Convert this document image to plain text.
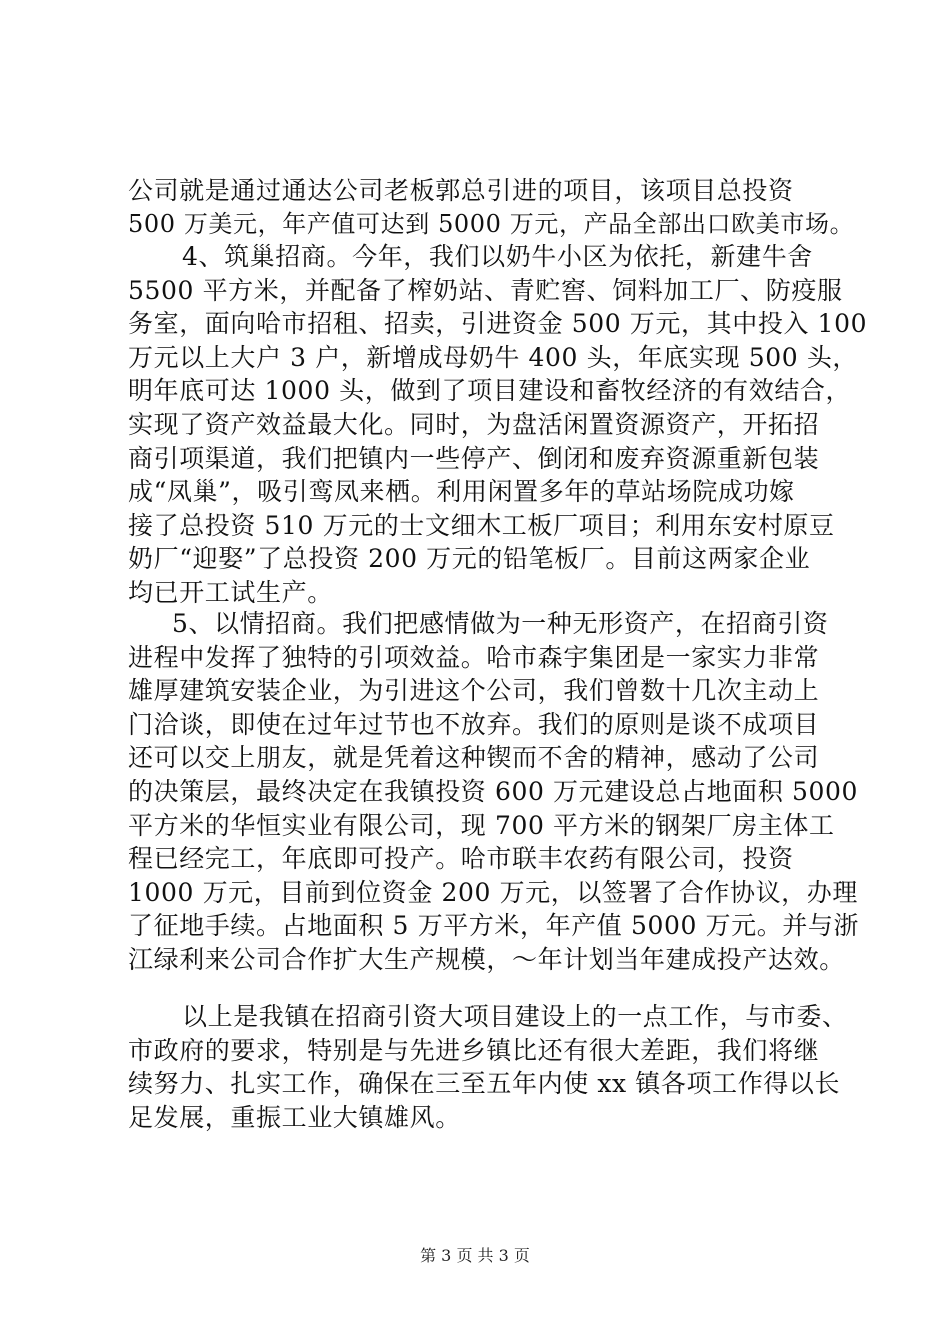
公司就是通过通达公司老板郭总引进的项目，该项目总投资
500 万美元，年产值可达到 5000 万元，产品全部出口欧美市场。
4、筑巢招商。今年，我们以奶牛小区为依托，新建牛舍
5500 平方米，并配备了榨奶站、青贮窖、饲料加工厂、防疫服
务室，面向哈市招租、招卖，引进资金 500 万元，其中投入 100
万元以上大户 3 户，新增成母奶牛 400 头，年底实现 500 头，
明年底可达 1000 头，做到了项目建设和畜牧经济的有效结合，
实现了资产效益最大化。同时，为盘活闲置资源资产，开拓招
商引项渠道，我们把镇内一些停产、倒闭和废弃资源重新包装
成“凤巢”，吸引鸾凤来栖。利用闲置多年的草站场院成功嫁
接了总投资 510 万元的士文细木工板厂项目；利用东安村原豆
奶厂“迎娶”了总投资 200 万元的铅笔板厂。目前这两家企业
均已开工试生产。
5、以情招商。我们把感情做为一种无形资产，在招商引资
进程中发挥了独特的引项效益。哈市森宇集团是一家实力非常
雄厚建筑安装企业，为引进这个公司，我们曾数十几次主动上
门洽谈，即使在过年过节也不放弃。我们的原则是谈不成项目
还可以交上朋友，就是凭着这种锲而不舍的精神，感动了公司
的决策层，最终决定在我镇投资 600 万元建设总占地面积 5000
平方米的华恒实业有限公司，现 700 平方米的钢架厂房主体工
程已经完工，年底即可投产。哈市联丰农药有限公司，投资
1000 万元，目前到位资金 200 万元，以签署了合作协议，办理
了征地手续。占地面积 5 万平方米，年产值 5000 万元。并与浙
江绿利来公司合作扩大生产规模，～年计划当年建成投产达效。
以上是我镇在招商引资大项目建设上的一点工作，与市委、
市政府的要求，特别是与先进乡镇比还有很大差距，我们将继
续努力、扎实工作，确保在三至五年内使 xx 镇各项工作得以长
足发展，重振工业大镇雄风。
第 3 页 共 3 页
